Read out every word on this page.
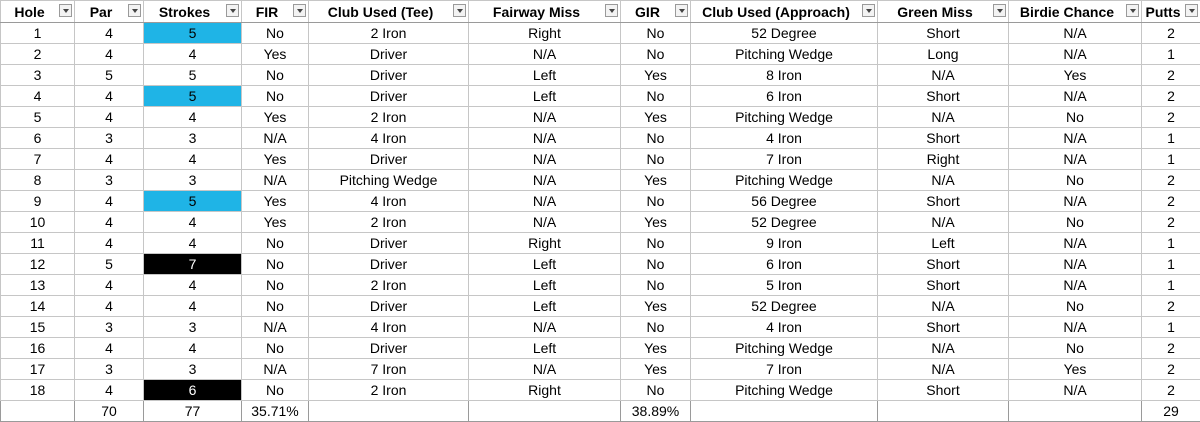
Hole	Par	Strokes	FIR	Club Used (Tee)	Fairway Miss	GIR	Club Used (Approach)	Green Miss	Birdie Chance	Putts

1	4	5	No	2 Iron	Right	No	52 Degree	Short	N/A	2
2	4	4	Yes	Driver	N/A	No	Pitching Wedge	Long	N/A	1
3	5	5	No	Driver	Left	Yes	8 Iron	N/A	Yes	2
4	4	5	No	Driver	Left	No	6 Iron	Short	N/A	2
5	4	4	Yes	2 Iron	N/A	Yes	Pitching Wedge	N/A	No	2
6	3	3	N/A	4 Iron	N/A	No	4 Iron	Short	N/A	1
7	4	4	Yes	Driver	N/A	No	7 Iron	Right	N/A	1
8	3	3	N/A	Pitching Wedge	N/A	Yes	Pitching Wedge	N/A	No	2
9	4	5	Yes	4 Iron	N/A	No	56 Degree	Short	N/A	2
10	4	4	Yes	2 Iron	N/A	Yes	52 Degree	N/A	No	2
11	4	4	No	Driver	Right	No	9 Iron	Left	N/A	1
12	5	7	No	Driver	Left	No	6 Iron	Short	N/A	1
13	4	4	No	2 Iron	Left	No	5 Iron	Short	N/A	1
14	4	4	No	Driver	Left	Yes	52 Degree	N/A	No	2
15	3	3	N/A	4 Iron	N/A	No	4 Iron	Short	N/A	1
16	4	4	No	Driver	Left	Yes	Pitching Wedge	N/A	No	2
17	3	3	N/A	7 Iron	N/A	Yes	7 Iron	N/A	Yes	2
18	4	6	No	2 Iron	Right	No	Pitching Wedge	Short	N/A	2
	70	77	35.71%			38.89%				29
